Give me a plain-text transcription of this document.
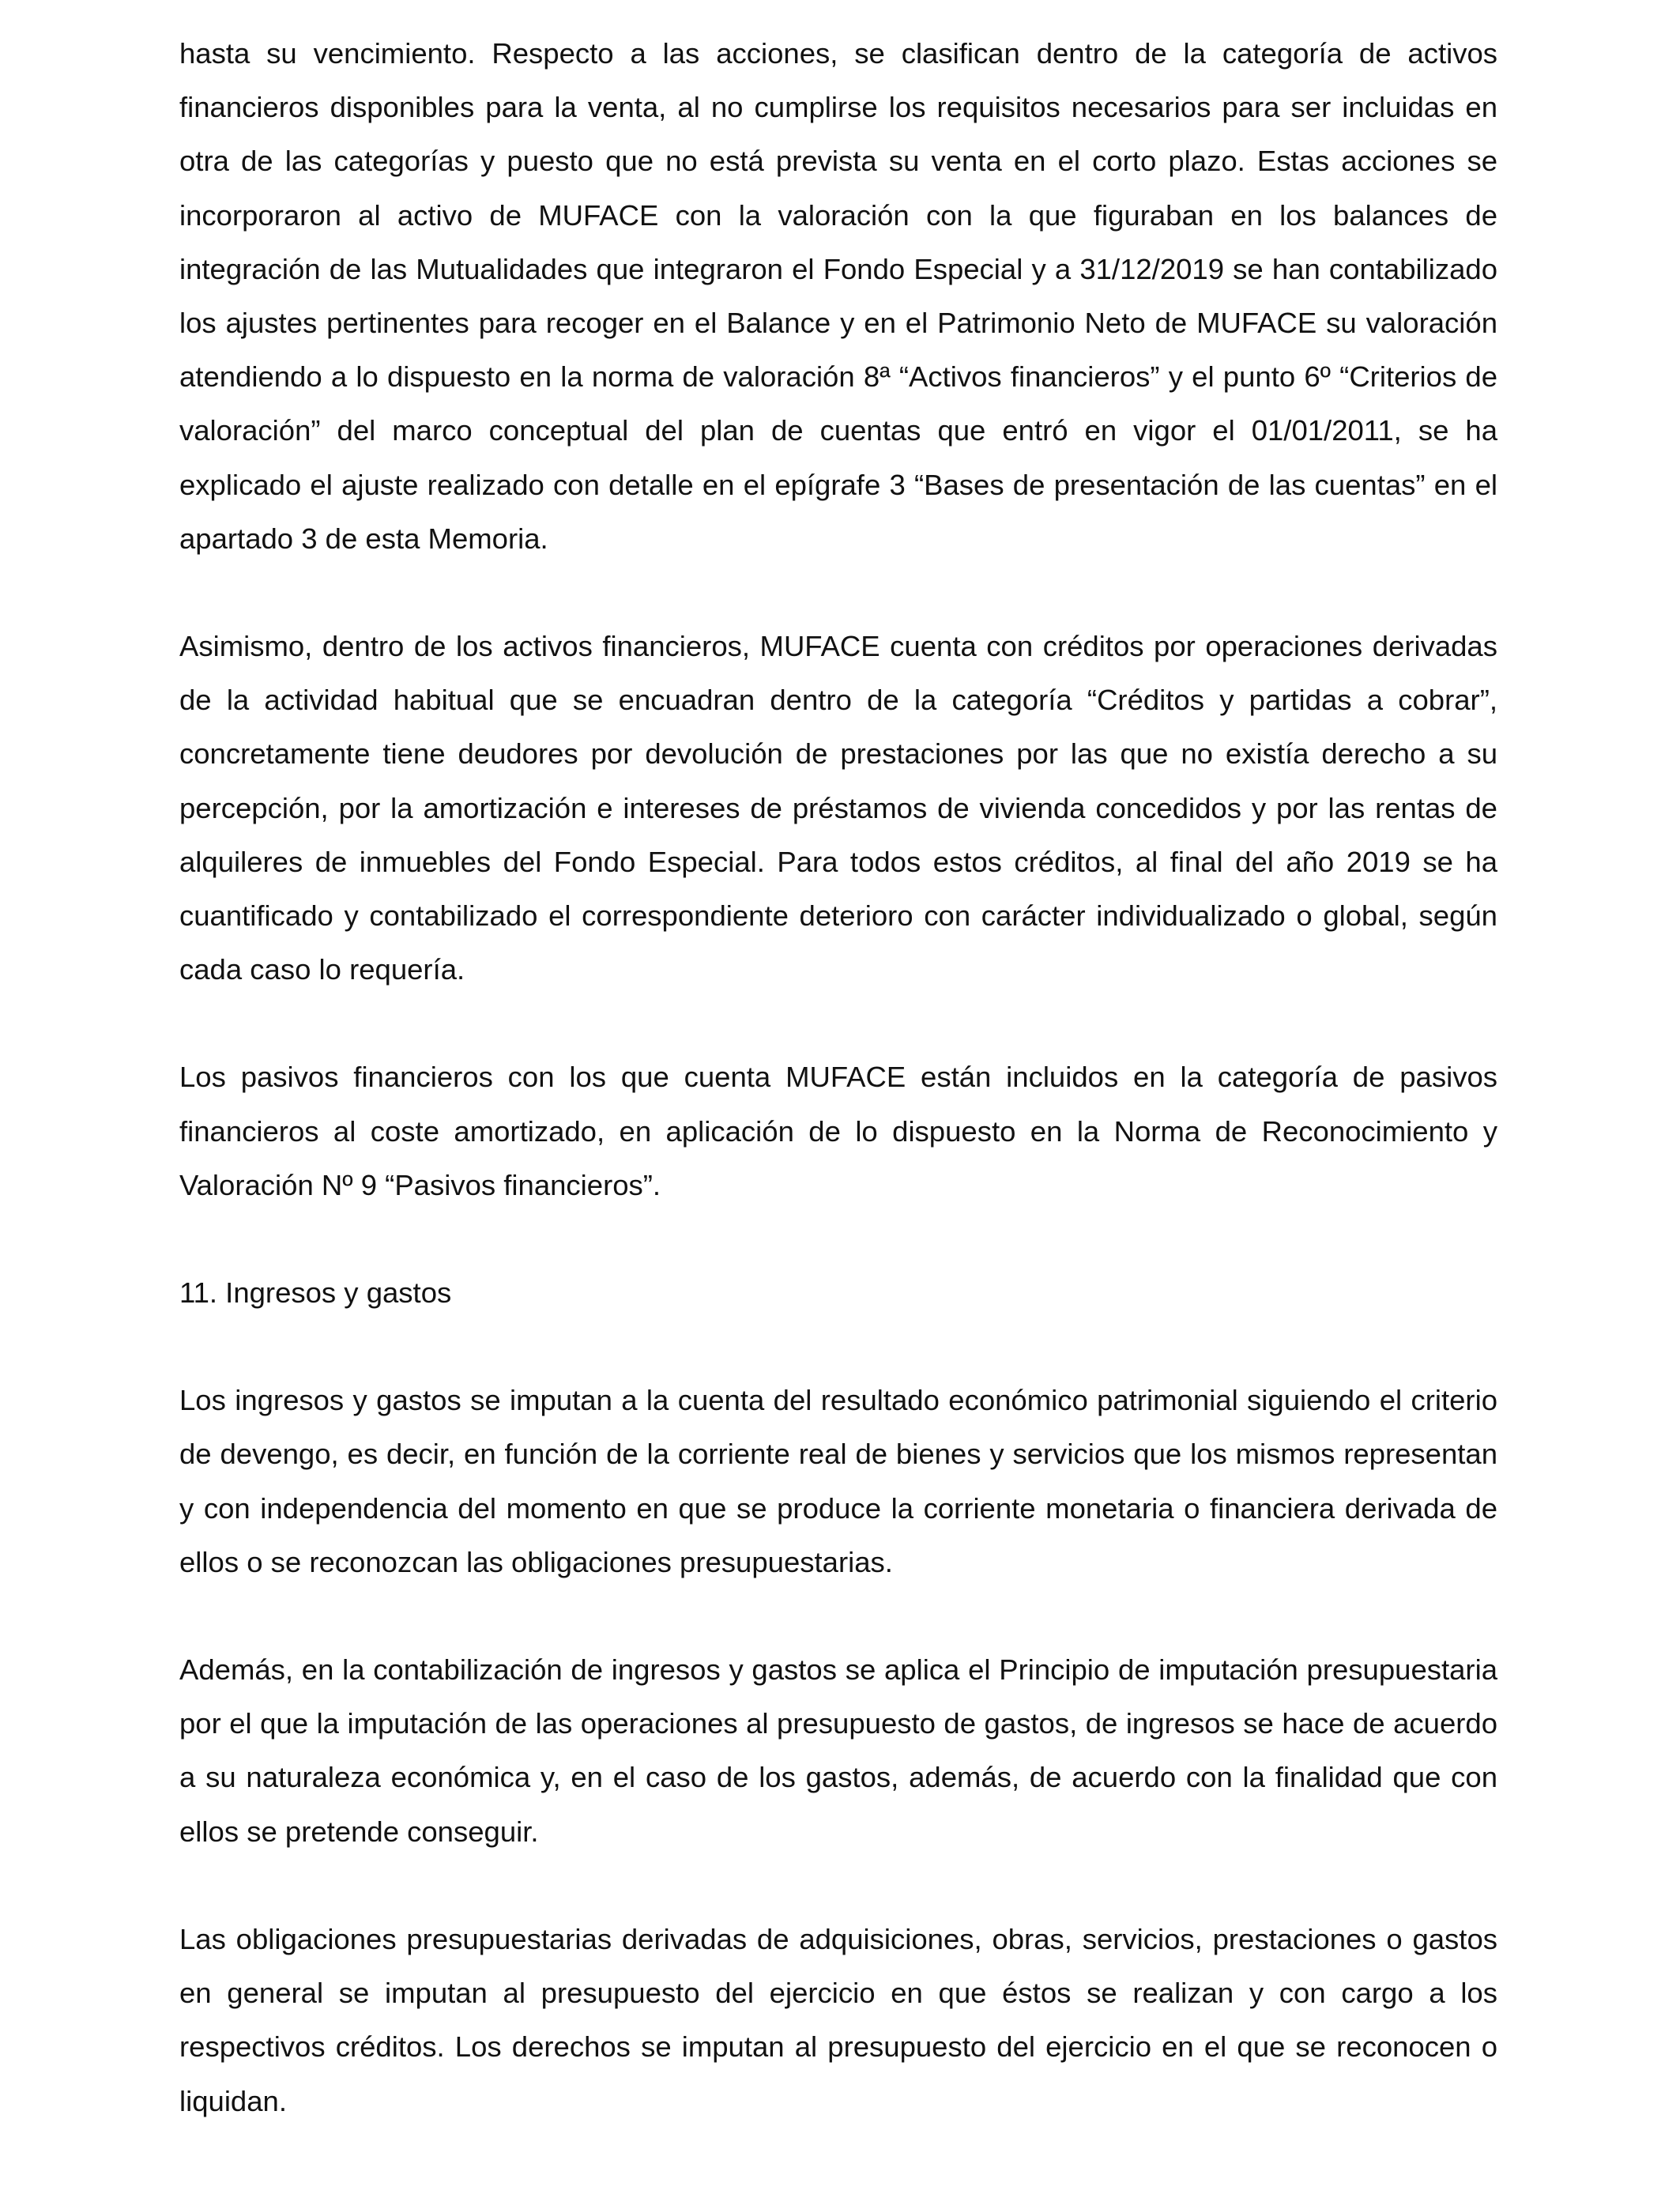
hasta su vencimiento. Respecto a las acciones, se clasifican dentro de la categoría de activos financieros disponibles para la venta, al no cumplirse los requisitos necesarios para ser incluidas en otra de las categorías y puesto que no está prevista su venta en el corto plazo. Estas acciones se incorporaron al activo de MUFACE con la valoración con la que figuraban en los balances de integración de las Mutualidades que integraron el Fondo Especial y a 31/12/2019 se han contabilizado los ajustes pertinentes para recoger en el Balance y en el Patrimonio Neto de MUFACE su valoración atendiendo a lo dispuesto en la norma de valoración 8ª “Activos financieros” y el punto 6º “Criterios de valoración” del marco conceptual del plan de cuentas que entró en vigor el 01/01/2011, se ha explicado el ajuste realizado con detalle en el epígrafe 3 “Bases de presentación de las cuentas” en el apartado 3 de esta Memoria.

Asimismo, dentro de los activos financieros, MUFACE cuenta con créditos por operaciones derivadas de la actividad habitual que se encuadran dentro de la categoría “Créditos y partidas a cobrar”, concretamente tiene deudores por devolución de prestaciones por las que no existía derecho a su percepción, por la amortización e intereses de préstamos de vivienda concedidos y por las rentas de alquileres de inmuebles del Fondo Especial. Para todos estos créditos, al final del año 2019 se ha cuantificado y contabilizado el correspondiente deterioro con carácter individualizado o global, según cada caso lo requería.

Los pasivos financieros con los que cuenta MUFACE están incluidos en la categoría de pasivos financieros al coste amortizado, en aplicación de lo dispuesto en la Norma de Reconocimiento y Valoración Nº 9 “Pasivos financieros”.

11. Ingresos y gastos

Los ingresos y gastos se imputan a la cuenta del resultado económico patrimonial siguiendo el criterio de devengo, es decir, en función de la corriente real de bienes y servicios que los mismos representan y con independencia del momento en que se produce la corriente monetaria o financiera derivada de ellos o se reconozcan las obligaciones presupuestarias.

Además, en la contabilización de ingresos y gastos se aplica el Principio de imputación presupuestaria por el que la imputación de las operaciones al presupuesto de gastos, de ingresos se hace de acuerdo a su naturaleza económica y, en el caso de los gastos, además, de acuerdo con la finalidad que con ellos se pretende conseguir.

Las obligaciones presupuestarias derivadas de adquisiciones, obras, servicios, prestaciones o gastos en general se imputan al presupuesto del ejercicio en que éstos se realizan y con cargo a los respectivos créditos. Los derechos se imputan al presupuesto del ejercicio en el que se reconocen o liquidan.
